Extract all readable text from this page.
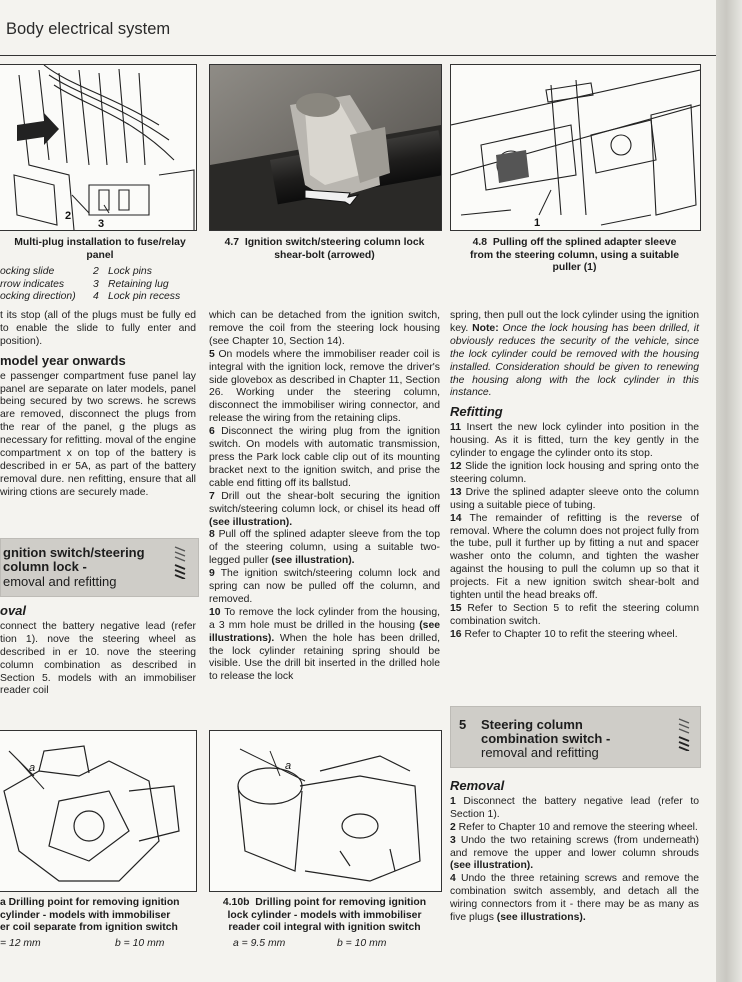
Body electrical system
2
3	1
Multi-plug installation to fuse/relay
panel
ocking slide	2 Lock pins
rrow indicates	3 Retaining lug
ocking direction) 4 Lock pin recess
4.7 Ignition switch/steering column lock
shear-bolt (arrowed)
4.8 Pulling off the splined adapter sleeve
from the steering column, using a suitable
puller (1)

t its stop (all of the plugs must be fully ed to enable the slide to fully enter and position).

model year onwards

e passenger compartment fuse panel lay panel are separate on later models, panel being secured by two screws. he screws are removed, disconnect the plugs from the rear of the panel, g the plugs as necessary for refitting. moval of the engine compartment x on top of the battery is described in er 5A, as part of the battery removal dure. nen refitting, ensure that all wiring ctions are securely made.

gnition switch/steering
column lock -
emoval and refitting
oval

connect the battery negative lead (refer tion 1). nove the steering wheel as described in er 10. nove the steering column combination as described in Section 5. models with an immobiliser reader coil

which can be detached from the ignition switch, remove the coil from the steering lock housing (see Chapter 10, Section 14).

5 On models where the immobiliser reader coil is integral with the ignition lock, remove the driver's side glovebox as described in Chapter 11, Section 26. Working under the steering column, disconnect the immobiliser wiring connector, and release the wiring from the retaining clips.

6 Disconnect the wiring plug from the ignition switch. On models with automatic transmission, press the Park lock cable clip out of its mounting bracket next to the ignition switch, and prise the cable end fitting off its ballstud.

7 Drill out the shear-bolt securing the ignition switch/steering column lock, or chisel its head off (see illustration).

8 Pull off the splined adapter sleeve from the top of the steering column, using a suitable two-legged puller (see illustration).

9 The ignition switch/steering column lock and spring can now be pulled off the column, and removed.

10 To remove the lock cylinder from the housing, a 3 mm hole must be drilled in the housing (see illustrations). When the hole has been drilled, the lock cylinder retaining spring should be visible. Use the drill bit inserted in the drilled hole to release the lock

spring, then pull out the lock cylinder using the ignition key. Note: Once the lock housing has been drilled, it obviously reduces the security of the vehicle, since the lock cylinder could be removed with the housing installed. Consideration should be given to renewing the housing along with the lock cylinder in this instance.

Refitting

11 Insert the new lock cylinder into position in the housing. As it is fitted, turn the key gently in the cylinder to engage the cylinder onto its stop.

12 Slide the ignition lock housing and spring onto the steering column.

13 Drive the splined adapter sleeve onto the column using a suitable piece of tubing.

14 The remainder of refitting is the reverse of removal. Where the column does not project fully from the tube, pull it further up by fitting a nut and spacer washer onto the column, and tighten the washer against the housing to pull the column up so that it projects. Fit a new ignition switch shear-bolt and tighten until the head breaks off.

15 Refer to Section 5 to refit the steering column combination switch.

16 Refer to Chapter 10 to refit the steering wheel.

5 Steering column
combination switch -
removal and refitting
Removal

1 Disconnect the battery negative lead (refer to Section 1).

2 Refer to Chapter 10 and remove the steering wheel.

3 Undo the two retaining screws (from underneath) and remove the upper and lower column shrouds (see illustration).

4 Undo the three retaining screws and remove the combination switch assembly, and detach all the wiring connectors from it - there may be as many as five plugs (see illustrations).

a	a
a Drilling point for removing ignition
cylinder - models with immobiliser
er coil separate from ignition switch
= 12 mm	b = 10 mm
4.10b Drilling point for removing ignition
lock cylinder - models with immobiliser
reader coil integral with ignition switch
a = 9.5 mm	b = 10 mm
